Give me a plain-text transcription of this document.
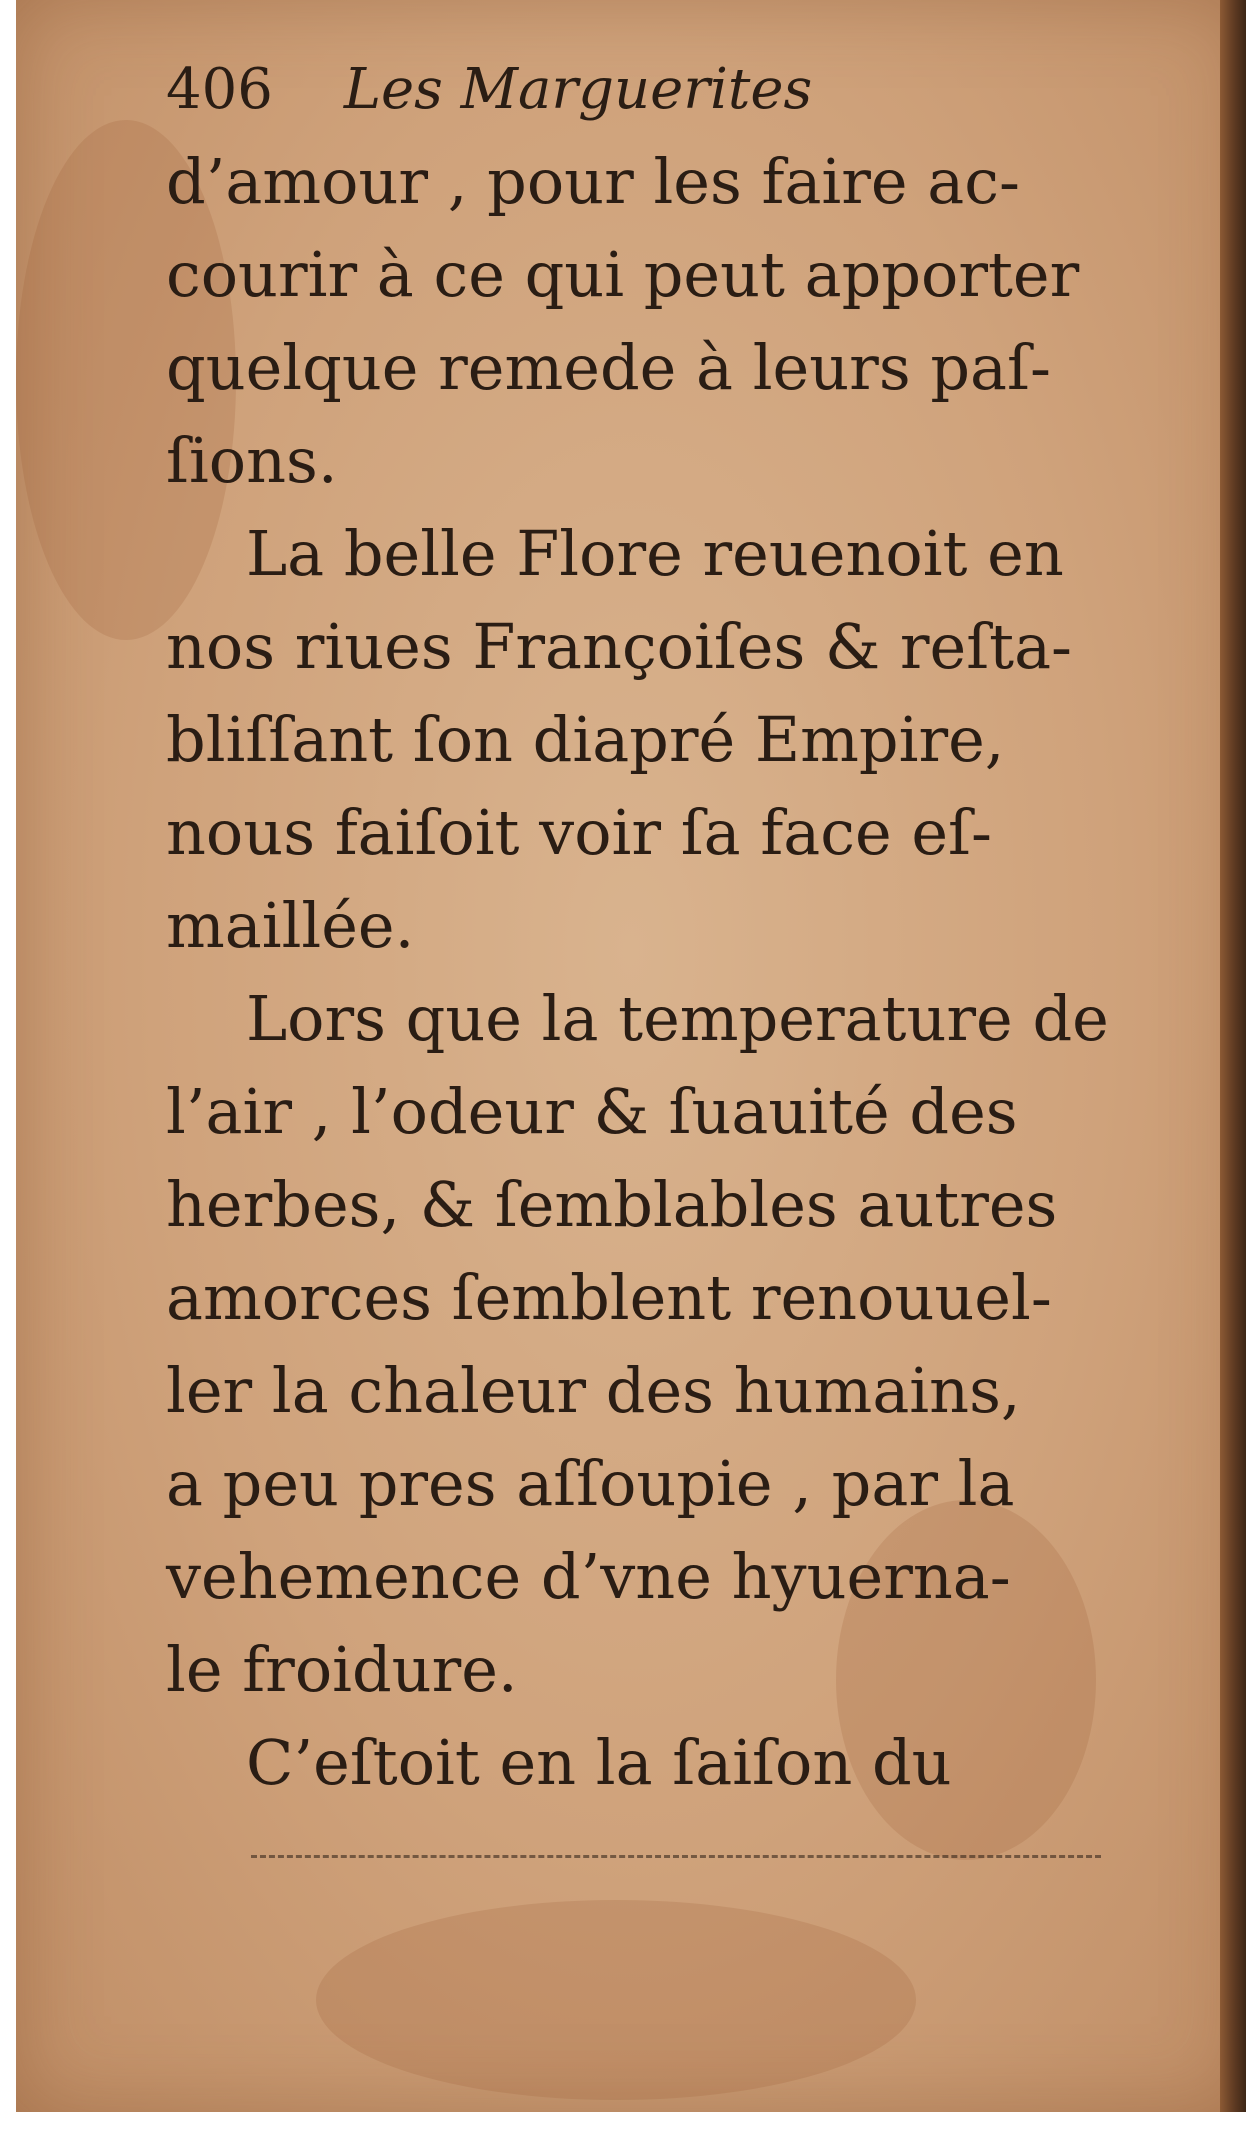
406 Les Marguerites
d’amour , pour les faire ac-
courir à ce qui peut apporter
quelque remede à leurs paſ-
ſions.
La belle Flore reuenoit en
nos riues Françoiſes & reſta-
bliſſant ſon diapré Empire,
nous faiſoit voir ſa face eſ-
maillée.
Lors que la temperature de
l’air , l’odeur & ſuauité des
herbes, & ſemblables autres
amorces ſemblent renouuel-
ler la chaleur des humains,
a peu pres aſſoupie , par la
vehemence d’vne hyuerna-
le froidure.
C’eſtoit en la ſaiſon du
